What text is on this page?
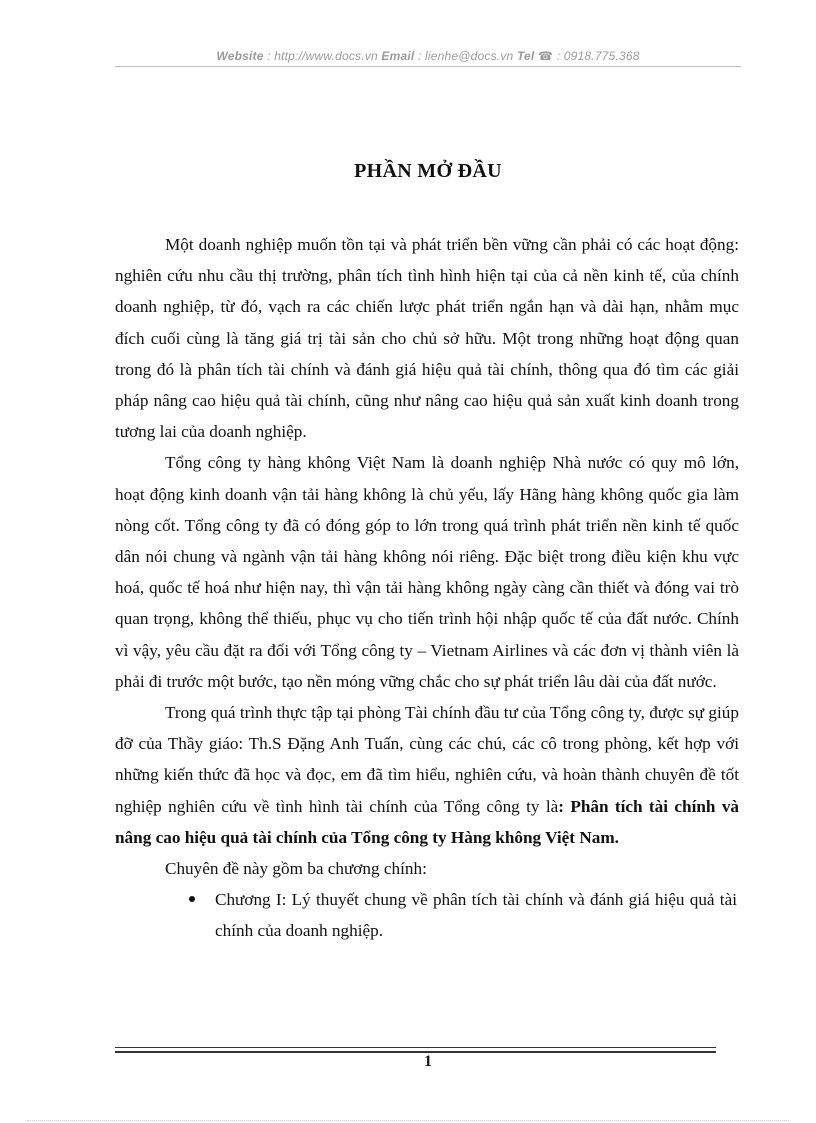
Website : http://www.docs.vn Email : lienhe@docs.vn Tel ☎ : 0918.775.368
PHẦN MỞ ĐẦU

Một doanh nghiệp muốn tồn tại và phát triển bền vững cần phải có các hoạt động: nghiên cứu nhu cầu thị trường, phân tích tình hình hiện tại của cả nền kinh tế, của chính doanh nghiệp, từ đó, vạch ra các chiến lược phát triển ngắn hạn và dài hạn, nhằm mục đích cuối cùng là tăng giá trị tài sản cho chủ sở hữu. Một trong những hoạt động quan trong đó là phân tích tài chính và đánh giá hiệu quả tài chính, thông qua đó tìm các giải pháp nâng cao hiệu quả tài chính, cũng như nâng cao hiệu quả sản xuất kinh doanh trong tương lai của doanh nghiệp.

Tổng công ty hàng không Việt Nam là doanh nghiệp Nhà nước có quy mô lớn, hoạt động kinh doanh vận tải hàng không là chủ yếu, lấy Hãng hàng không quốc gia làm nòng cốt. Tổng công ty đã có đóng góp to lớn trong quá trình phát triển nền kinh tế quốc dân nói chung và ngành vận tải hàng không nói riêng. Đặc biệt trong điều kiện khu vực hoá, quốc tế hoá như hiện nay, thì vận tải hàng không ngày càng cần thiết và đóng vai trò quan trọng, không thể thiếu, phục vụ cho tiến trình hội nhập quốc tế của đất nước. Chính vì vậy, yêu cầu đặt ra đối với Tổng công ty – Vietnam Airlines và các đơn vị thành viên là phải đi trước một bước, tạo nền móng vững chắc cho sự phát triển lâu dài của đất nước.

Trong quá trình thực tập tại phòng Tài chính đầu tư của Tổng công ty, được sự giúp đỡ của Thầy giáo: Th.S Đặng Anh Tuấn, cùng các chú, các cô trong phòng, kết hợp với những kiến thức đã học và đọc, em đã tìm hiểu, nghiên cứu, và hoàn thành chuyên đề tốt nghiệp nghiên cứu về tình hình tài chính của Tổng công ty là: Phân tích tài chính và nâng cao hiệu quả tài chính của Tổng công ty Hàng không Việt Nam.

Chuyên đề này gồm ba chương chính:
Chương I: Lý thuyết chung về phân tích tài chính và đánh giá hiệu quả tài chính của doanh nghiệp.
1
